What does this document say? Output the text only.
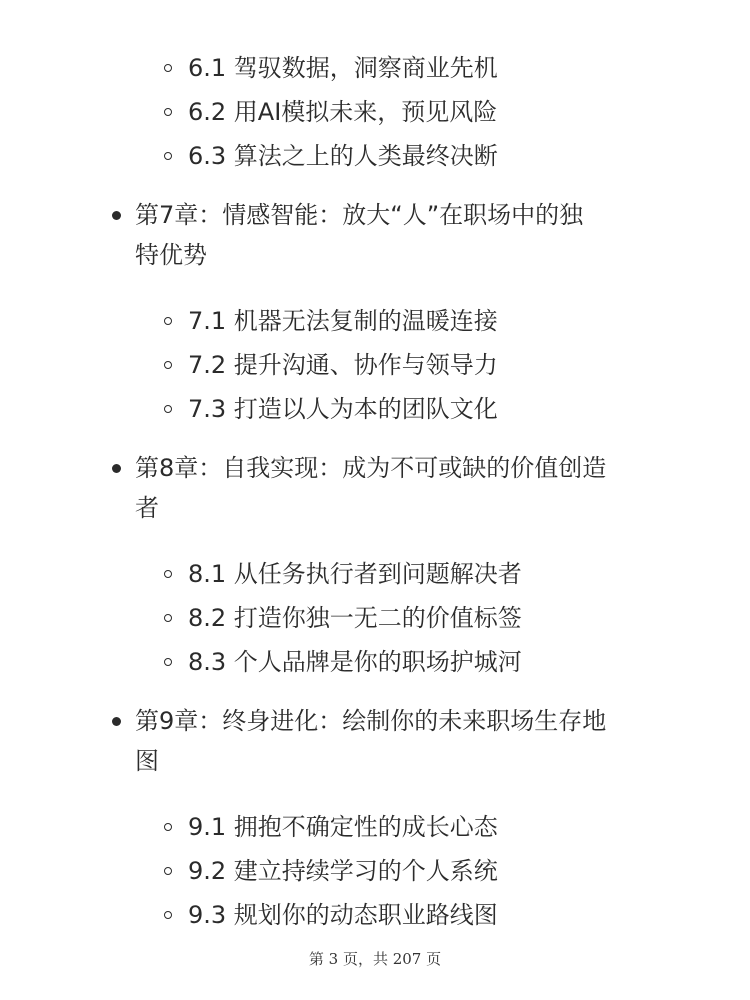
6.1 驾驭数据，洞察商业先机
6.2 用AI模拟未来，预见风险
6.3 算法之上的人类最终决断
第7章：情感智能：放大“人”在职场中的独
特优势
7.1 机器无法复制的温暖连接
7.2 提升沟通、协作与领导力
7.3 打造以人为本的团队文化
第8章：自我实现：成为不可或缺的价值创造
者
8.1 从任务执行者到问题解决者
8.2 打造你独一无二的价值标签
8.3 个人品牌是你的职场护城河
第9章：终身进化：绘制你的未来职场生存地
图
9.1 拥抱不确定性的成长心态
9.2 建立持续学习的个人系统
9.3 规划你的动态职业路线图
第 3 页，共 207 页
